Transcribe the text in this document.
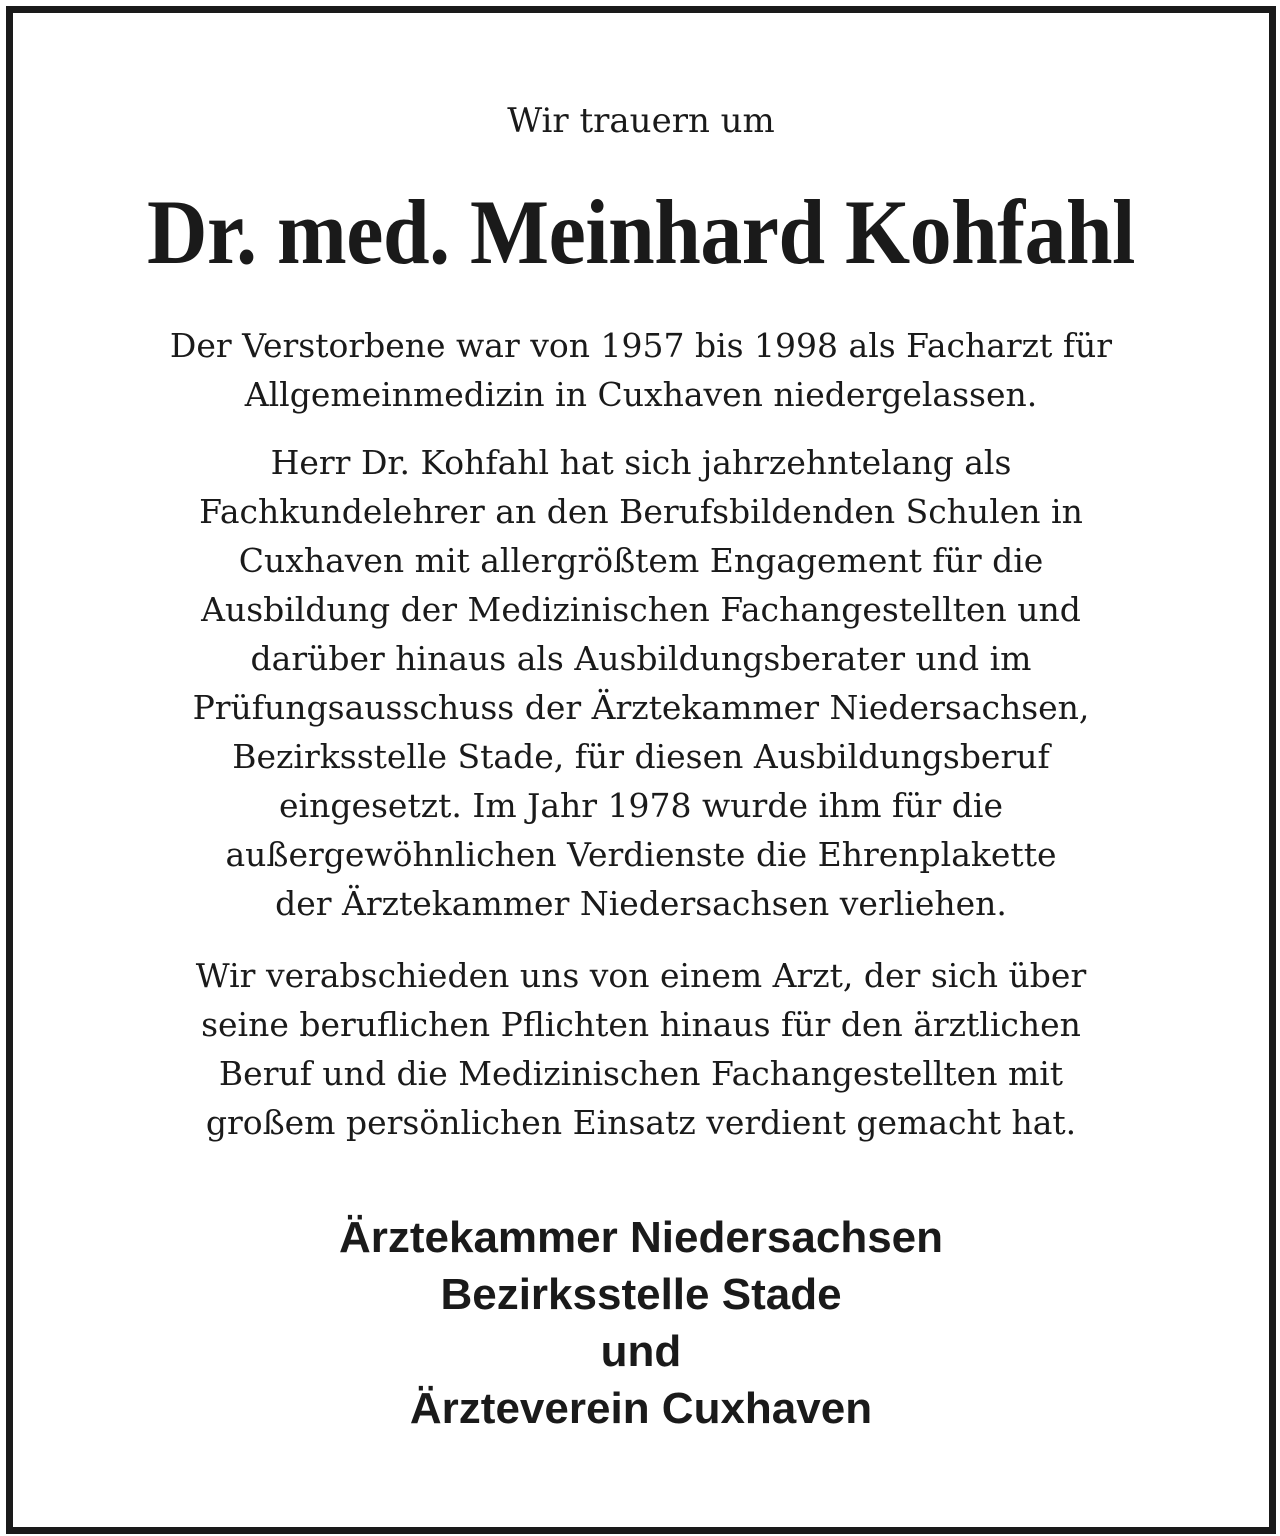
Wir trauern um

Dr. med. Meinhard Kohfahl

Der Verstorbene war von 1957 bis 1998 als Facharzt für
Allgemeinmedizin in Cuxhaven niedergelassen.

Herr Dr. Kohfahl hat sich jahrzehntelang als
Fachkundelehrer an den Berufsbildenden Schulen in
Cuxhaven mit allergrößtem Engagement für die
Ausbildung der Medizinischen Fachangestellten und
darüber hinaus als Ausbildungsberater und im
Prüfungsausschuss der Ärztekammer Niedersachsen,
Bezirksstelle Stade, für diesen Ausbildungsberuf
eingesetzt. Im Jahr 1978 wurde ihm für die
außergewöhnlichen Verdienste die Ehrenplakette
der Ärztekammer Niedersachsen verliehen.

Wir verabschieden uns von einem Arzt, der sich über
seine beruflichen Pflichten hinaus für den ärztlichen
Beruf und die Medizinischen Fachangestellten mit
großem persönlichen Einsatz verdient gemacht hat.

Ärztekammer Niedersachsen
Bezirksstelle Stade
und
Ärzteverein Cuxhaven
